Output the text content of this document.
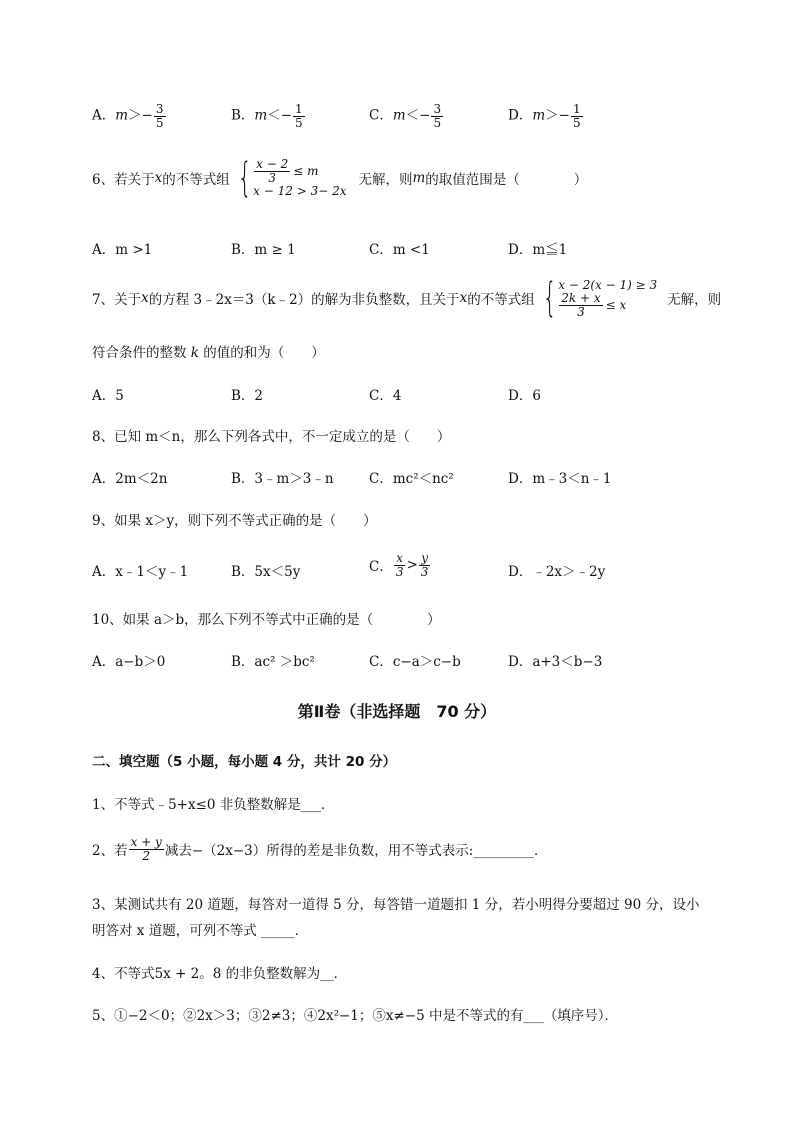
A．$m>- \frac{3}{5}$	B．$m<- \frac{1}{5}$	C．$m<- \frac{3}{5}$	D．$m>- \frac{1}{5}$
6、若关于 x 的不等式组 { $\frac{x - 2}{3} \le m$
x − 12 > 3− 2x
无解，则 m 的取值范围是（　　　　）
A．m >1	B．m ≥ 1	C．m <1	D．m≦1
7、关于 x 的方程 3﹣2x＝3（k﹣2）的解为非负整数，且关于 x 的不等式组 { x − 2(x − 1) ≥ 3
$\frac{2k + x}{3} \le x$	无解，则
符合条件的整数 k 的值的和为（　　）
A．5	B．2	C．4	D．6
8、已知 m＜n，那么下列各式中，不一定成立的是（　　）
A．2m＜2n	B．3﹣m＞3﹣n	C．mc²＜nc²	D．m﹣3＜n﹣1
9、如果 x＞y，则下列不等式正确的是（　　）
A．x﹣1＜y﹣1	B．5x＜5y	C． $\frac{x}{3} > \frac{y}{3}$	D．﹣2x＞﹣2y
10、如果 a＞b，那么下列不等式中正确的是（　　　　）
A．a−b＞0	B．ac² ＞bc²	C．c−a＞c−b	D．a+3＜b−3
第Ⅱ卷（非选择题　70 分）
二、填空题（5 小题，每小题 4 分，共计 20 分）
1、不等式﹣5+x≤0 非负整数解是___．
2、若 $\frac{x + y}{2}$ 减去−（2x−3）所得的差是非负数，用不等式表示:_________．
3、某测试共有 20 道题，每答对一道得 5 分，每答错一道题扣 1 分，若小明得分要超过 90 分，设小
明答对 x 道题，可列不等式 _____．
4、不等式5x + 2。8 的非负整数解为__．
5、①−2＜0；②2x＞3；③2≠3；④2x²−1；⑤x≠−5 中是不等式的有___（填序号）．
